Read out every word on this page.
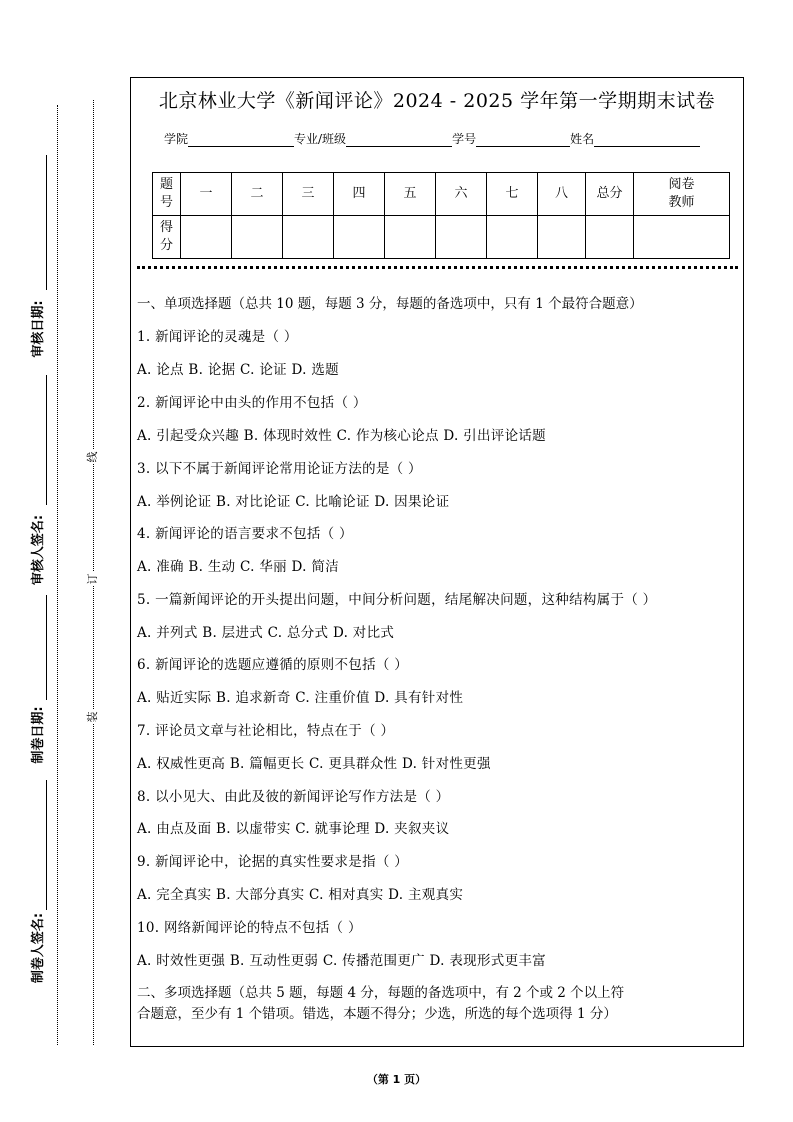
审核日期:
审核人签名:
制卷日期:
制卷人签名:
线
订
装
北京林业大学《新闻评论》2024 - 2025 学年第一学期期末试卷
学院	专业/班级	学号	姓名
题号	一	二	三	四	五	六	七	八	总分	阅卷教师
得分										
一、单项选择题（总共 10 题，每题 3 分，每题的备选项中，只有 1 个最符合题意）
1. 新闻评论的灵魂是（ ）
A. 论点 B. 论据 C. 论证 D. 选题
2. 新闻评论中由头的作用不包括（ ）
A. 引起受众兴趣 B. 体现时效性 C. 作为核心论点 D. 引出评论话题
3. 以下不属于新闻评论常用论证方法的是（ ）
A. 举例论证 B. 对比论证 C. 比喻论证 D. 因果论证
4. 新闻评论的语言要求不包括（ ）
A. 准确 B. 生动 C. 华丽 D. 简洁
5. 一篇新闻评论的开头提出问题，中间分析问题，结尾解决问题，这种结构属于（ ）
A. 并列式 B. 层进式 C. 总分式 D. 对比式
6. 新闻评论的选题应遵循的原则不包括（ ）
A. 贴近实际 B. 追求新奇 C. 注重价值 D. 具有针对性
7. 评论员文章与社论相比，特点在于（ ）
A. 权威性更高 B. 篇幅更长 C. 更具群众性 D. 针对性更强
8. 以小见大、由此及彼的新闻评论写作方法是（ ）
A. 由点及面 B. 以虚带实 C. 就事论理 D. 夹叙夹议
9. 新闻评论中，论据的真实性要求是指（ ）
A. 完全真实 B. 大部分真实 C. 相对真实 D. 主观真实
10. 网络新闻评论的特点不包括（ ）
A. 时效性更强 B. 互动性更弱 C. 传播范围更广 D. 表现形式更丰富
二、多项选择题（总共 5 题，每题 4 分，每题的备选项中，有 2 个或 2 个以上符
合题意，至少有 1 个错项。错选，本题不得分；少选，所选的每个选项得 1 分）
（第 1 页）
